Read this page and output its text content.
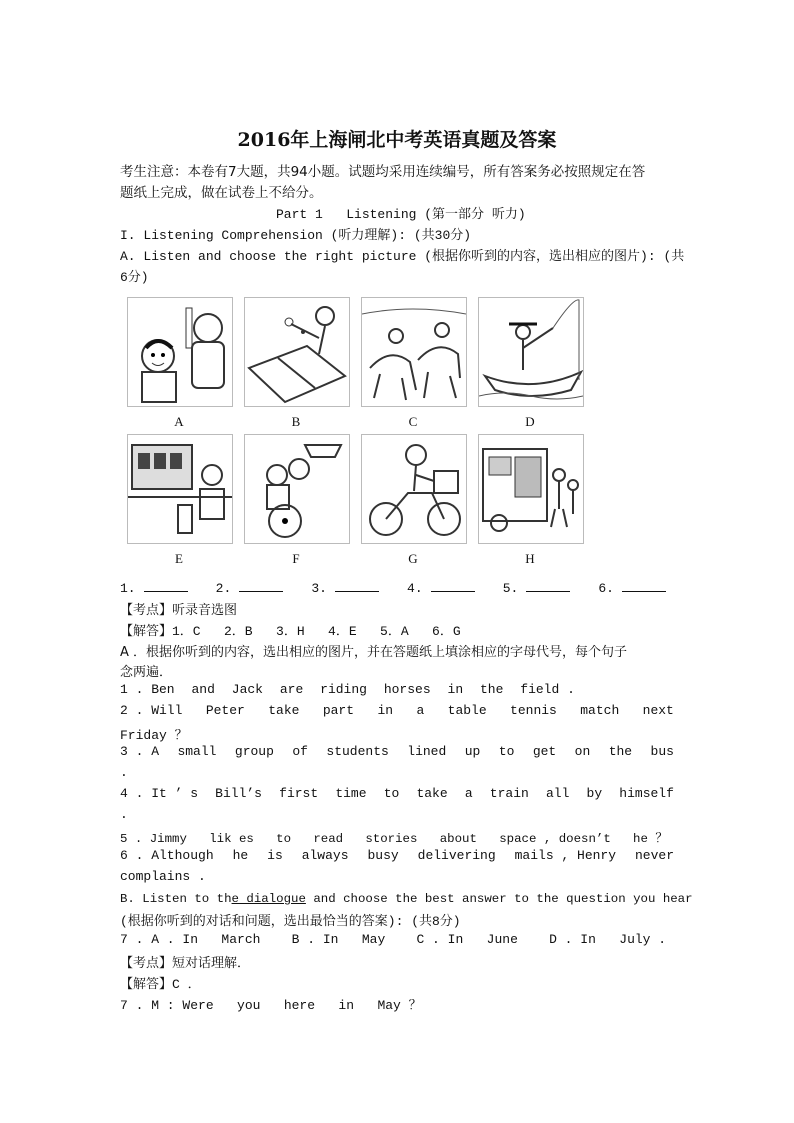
2016年上海闸北中考英语真题及答案
考生注意：本卷有7大题，共94小题。试题均采用连续编号，所有答案务必按照规定在答
题纸上完成，做在试卷上不给分。
Part 1   Listening (第一部分 听力)
I. Listening Comprehension (听力理解): (共30分)
A. Listen and choose the right picture (根据你听到的内容，选出相应的图片): (共
6分)
A	B	C	D
E	F	G	H
1.	2.	3.	4.	5.	6.
【考点】听录音选图
【解答】1．C   2．B   3．H   4．E   5．A   6．G
A ．根据你听到的内容，选出相应的图片，并在答题纸上填涂相应的字母代号，每个句子
念两遍．
1 . Ben and Jack are riding horses in the field .
2 . Will Peter take part in a table tennis match next
Friday ？
3 . A small group of students lined up to get on the bus
.
4 . It ’ s Bill’s first time to take a train all by himself
.
5 . Jimmy   lik es   to   read   stories   about   space , doesn’t   he ？
6 . Although he is always busy delivering mails , Henry never
complains .
B. Listen to the dialogue and choose the best answer to the question you hear
(根据你听到的对话和问题，选出最恰当的答案): (共8分)
7 . A . In   March    B . In   May    C . In   June    D . In   July .
【考点】短对话理解．
【解答】C ．
7 . M : Were   you   here   in   May ？
